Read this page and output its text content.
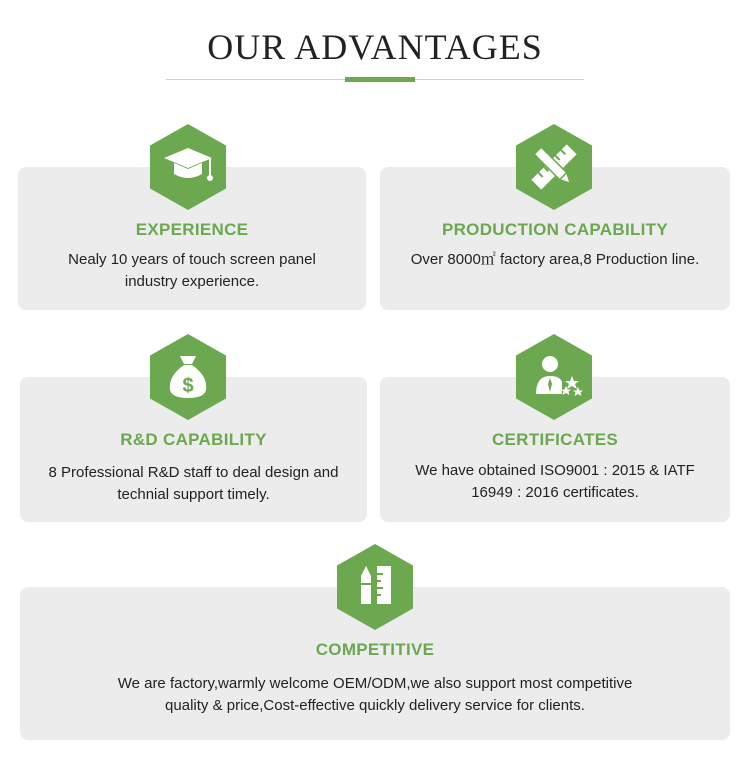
OUR ADVANTAGES
EXPERIENCE
Nealy 10 years of touch screen panel
industry experience.
PRODUCTION CAPABILITY
Over 8000㎡ factory area,8 Production line.
R&D CAPABILITY
8 Professional R&D staff to deal design and
technial support timely.
$
CERTIFICATES
We have obtained ISO9001 : 2015 & IATF
16949 : 2016 certificates.
COMPETITIVE
We are factory,warmly welcome OEM/ODM,we also support most competitive
quality & price,Cost-effective quickly delivery service for clients.
